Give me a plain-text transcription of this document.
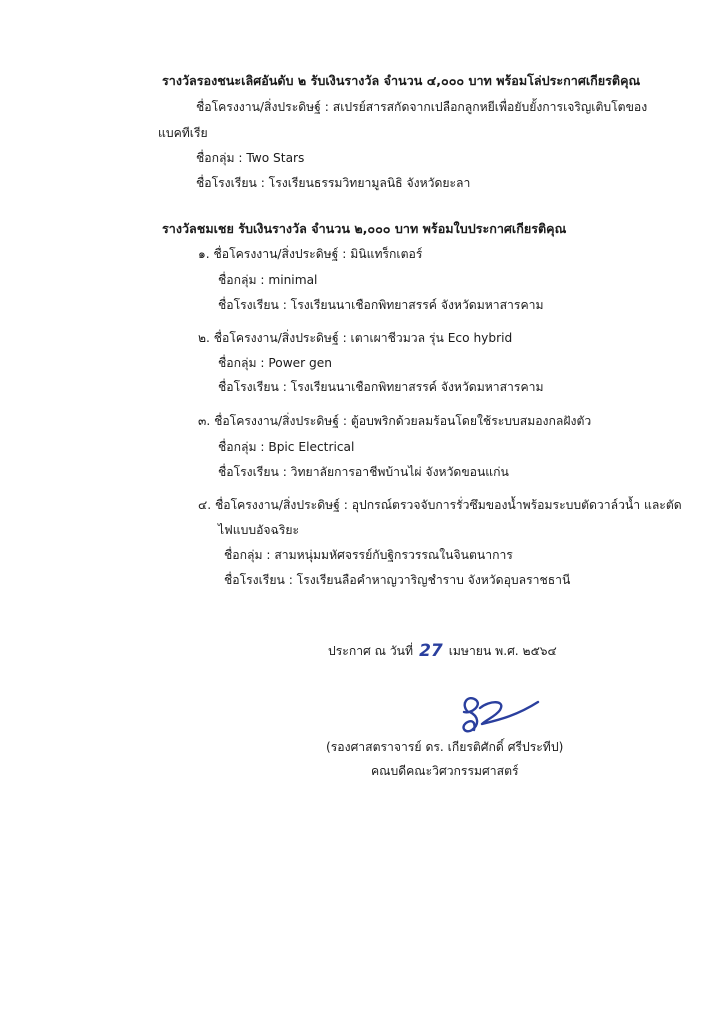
รางวัลรองชนะเลิศอันดับ ๒ รับเงินรางวัล จำนวน ๔,๐๐๐ บาท พร้อมโล่ประกาศเกียรติคุณ
ชื่อโครงงาน/สิ่งประดิษฐ์ : สเปรย์สารสกัดจากเปลือกลูกหยีเพื่อยับยั้งการเจริญเติบโตของ
แบคทีเรีย
ชื่อกลุ่ม : Two Stars
ชื่อโรงเรียน : โรงเรียนธรรมวิทยามูลนิธิ จังหวัดยะลา
รางวัลชมเชย รับเงินรางวัล จำนวน ๒,๐๐๐ บาท พร้อมใบประกาศเกียรติคุณ
๑. ชื่อโครงงาน/สิ่งประดิษฐ์ : มินิแทร็กเตอร์
ชื่อกลุ่ม : minimal
ชื่อโรงเรียน : โรงเรียนนาเชือกพิทยาสรรค์ จังหวัดมหาสารคาม
๒. ชื่อโครงงาน/สิ่งประดิษฐ์ : เตาเผาชีวมวล รุ่น Eco hybrid
ชื่อกลุ่ม : Power gen
ชื่อโรงเรียน : โรงเรียนนาเชือกพิทยาสรรค์ จังหวัดมหาสารคาม
๓. ชื่อโครงงาน/สิ่งประดิษฐ์ : ตู้อบพริกด้วยลมร้อนโดยใช้ระบบสมองกลฝังตัว
ชื่อกลุ่ม : Bpic Electrical
ชื่อโรงเรียน : วิทยาลัยการอาชีพบ้านไผ่ จังหวัดขอนแก่น
๔. ชื่อโครงงาน/สิ่งประดิษฐ์ : อุปกรณ์ตรวจจับการรั่วซึมของน้ำพร้อมระบบตัดวาล์วน้ำ และตัด
ไฟแบบอัจฉริยะ
ชื่อกลุ่ม : สามหนุ่มมหัศจรรย์กับฐิกรวรรณในจินตนาการ
ชื่อโรงเรียน : โรงเรียนลือคำหาญวาริญชำราบ จังหวัดอุบลราชธานี
ประกาศ ณ วันที่ 27 เมษายน พ.ศ. ๒๕๖๔
(รองศาสตราจารย์ ดร. เกียรติศักดิ์ ศรีประทีป)
คณบดีคณะวิศวกรรมศาสตร์
